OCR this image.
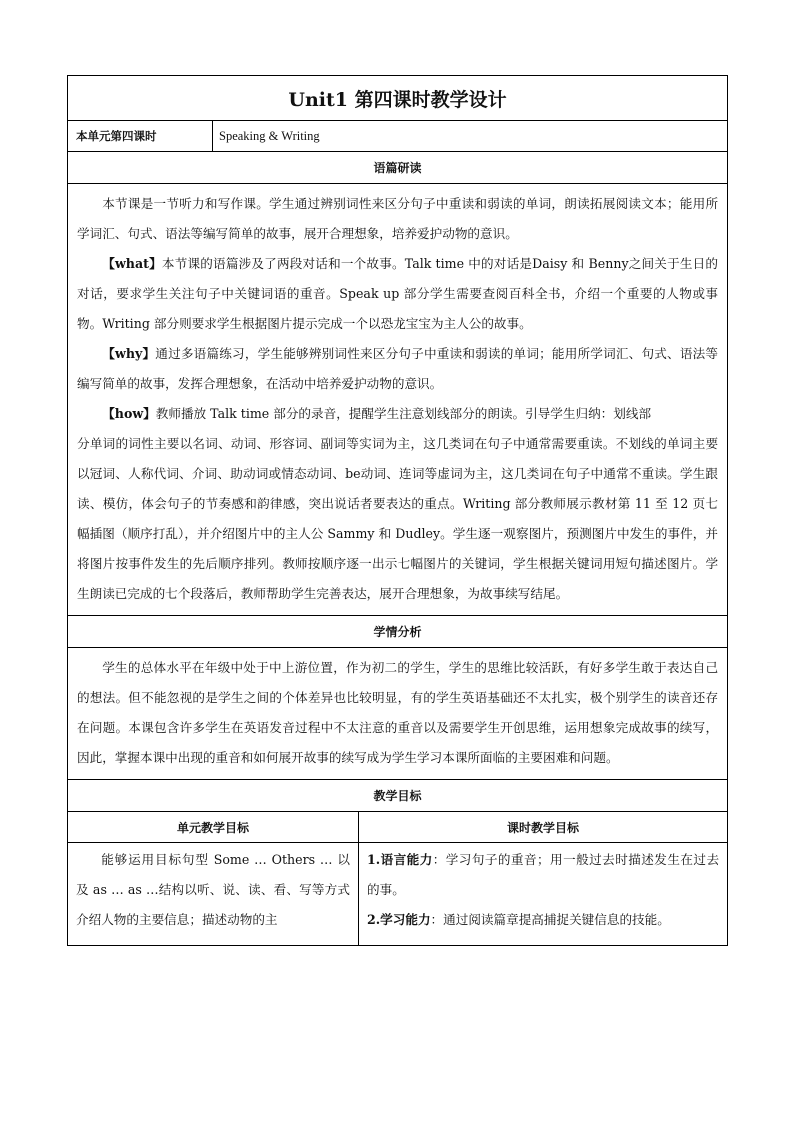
Unit1 第四课时教学设计		
本单元第四课时	Speaking & Writing	
语篇研读		

本节课是一节听力和写作课。学生通过辨别词性来区分句子中重读和弱读的单词，朗读拓展阅读文本；能用所学词汇、句式、语法等编写简单的故事，展开合理想象，培养爱护动物的意识。

【what】本节课的语篇涉及了两段对话和一个故事。Talk time 中的对话是Daisy 和 Benny之间关于生日的对话，要求学生关注句子中关键词语的重音。Speak up 部分学生需要查阅百科全书，介绍一个重要的人物或事物。Writing 部分则要求学生根据图片提示完成一个以恐龙宝宝为主人公的故事。

【why】通过多语篇练习，学生能够辨别词性来区分句子中重读和弱读的单词；能用所学词汇、句式、语法等编写简单的故事，发挥合理想象，在活动中培养爱护动物的意识。

【how】教师播放 Talk time 部分的录音，提醒学生注意划线部分的朗读。引导学生归纳：划线部

分单词的词性主要以名词、动词、形容词、副词等实词为主，这几类词在句子中通常需要重读。不划线的单词主要以冠词、人称代词、介词、助动词或情态动词、be动词、连词等虚词为主，这几类词在句子中通常不重读。学生跟读、模仿，体会句子的节奏感和韵律感，突出说话者要表达的重点。Writing 部分教师展示教材第 11 至 12 页七幅插图（顺序打乱），并介绍图片中的主人公 Sammy 和 Dudley。学生逐一观察图片，预测图片中发生的事件，并将图片按事件发生的先后顺序排列。教师按顺序逐一出示七幅图片的关键词，学生根据关键词用短句描述图片。学生朗读已完成的七个段落后，教师帮助学生完善表达，展开合理想象，为故事续写结尾。		

学情分析		

学生的总体水平在年级中处于中上游位置，作为初二的学生，学生的思维比较活跃，有好多学生敢于表达自己的想法。但不能忽视的是学生之间的个体差异也比较明显，有的学生英语基础还不太扎实，极个别学生的读音还存在问题。本课包含许多学生在英语发音过程中不太注意的重音以及需要学生开创思维，运用想象完成故事的续写，因此，掌握本课中出现的重音和如何展开故事的续写成为学生学习本课所面临的主要困难和问题。		

教学目标		
单元教学目标		课时教学目标

能够运用目标句型 Some … Others … 以及 as … as …结构以听、说、读、看、写等方式介绍人物的主要信息；描述动物的主		1.语言能力：学习句子的重音；用一般过去时描述发生在过去的事。

2.学习能力：通过阅读篇章提高捕捉关键信息的技能。
